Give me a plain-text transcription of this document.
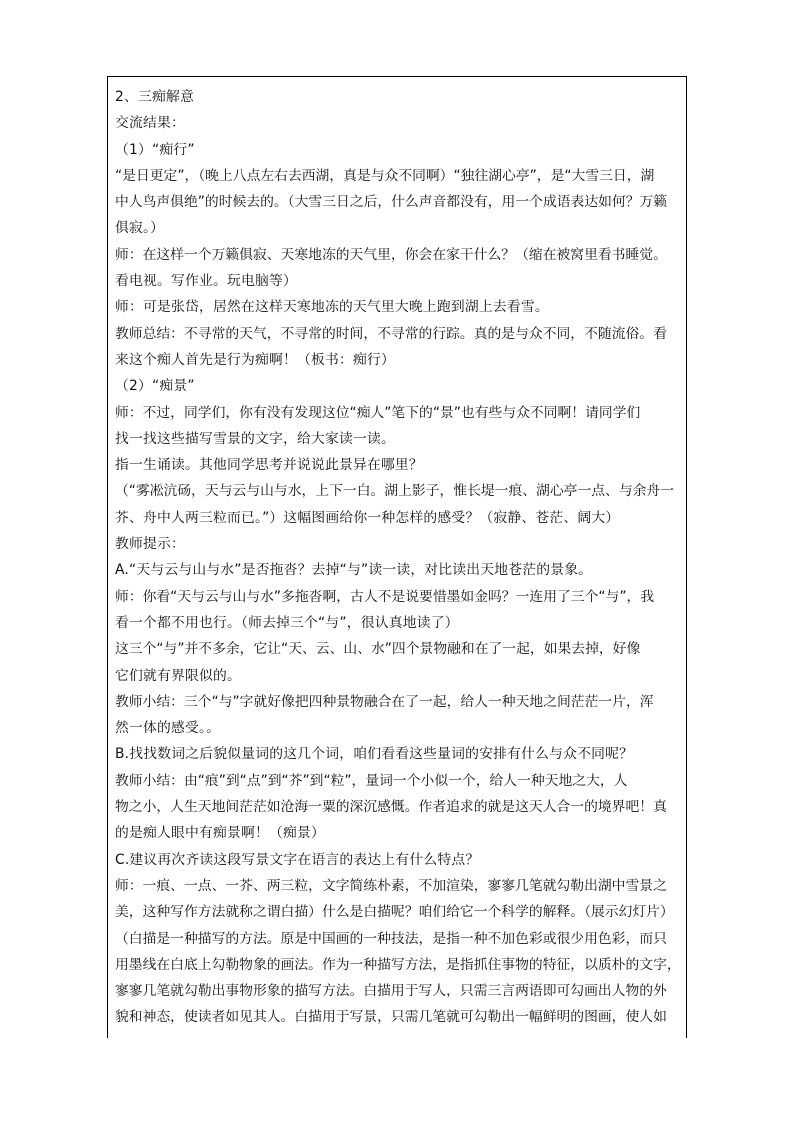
2、三痴解意
交流结果：
（1）“痴行”
“是日更定”，（晚上八点左右去西湖，真是与众不同啊）“独往湖心亭”，是“大雪三日，湖
中人鸟声俱绝”的时候去的。（大雪三日之后，什么声音都没有，用一个成语表达如何？万籁
俱寂。）
师：在这样一个万籁俱寂、天寒地冻的天气里，你会在家干什么？（缩在被窝里看书睡觉。
看电视。写作业。玩电脑等）
师：可是张岱，居然在这样天寒地冻的天气里大晚上跑到湖上去看雪。
教师总结：不寻常的天气，不寻常的时间，不寻常的行踪。真的是与众不同，不随流俗。看
来这个痴人首先是行为痴啊！（板书：痴行）
（2）“痴景”
师：不过，同学们，你有没有发现这位“痴人”笔下的“景”也有些与众不同啊！请同学们
找一找这些描写雪景的文字，给大家读一读。
指一生诵读。其他同学思考并说说此景异在哪里？
（“雾凇沆砀，天与云与山与水，上下一白。湖上影子，惟长堤一痕、湖心亭一点、与余舟一
芥、舟中人两三粒而已。”）这幅图画给你一种怎样的感受？（寂静、苍茫、阔大）
教师提示：
A.“天与云与山与水”是否拖沓？去掉“与”读一读，对比读出天地苍茫的景象。
师：你看“天与云与山与水”多拖沓啊，古人不是说要惜墨如金吗？一连用了三个“与”，我
看一个都不用也行。（师去掉三个“与”，很认真地读了）
这三个“与”并不多余，它让“天、云、山、水”四个景物融和在了一起，如果去掉，好像
它们就有界限似的。
教师小结：三个“与”字就好像把四种景物融合在了一起，给人一种天地之间茫茫一片，浑
然一体的感受。。
B.找找数词之后貌似量词的这几个词，咱们看看这些量词的安排有什么与众不同呢？
教师小结：由“痕”到“点”到“芥”到“粒”，量词一个小似一个，给人一种天地之大，人
物之小，人生天地间茫茫如沧海一粟的深沉感慨。作者追求的就是这天人合一的境界吧！真
的是痴人眼中有痴景啊！（痴景）
C.建议再次齐读这段写景文字在语言的表达上有什么特点？
师：一痕、一点、一芥、两三粒，文字简练朴素，不加渲染，寥寥几笔就勾勒出湖中雪景之
美，这种写作方法就称之谓白描）什么是白描呢？咱们给它一个科学的解释。（展示幻灯片）
（白描是一种描写的方法。原是中国画的一种技法，是指一种不加色彩或很少用色彩，而只
用墨线在白底上勾勒物象的画法。作为一种描写方法，是指抓住事物的特征，以质朴的文字，
寥寥几笔就勾勒出事物形象的描写方法。白描用于写人，只需三言两语即可勾画出人物的外
貌和神态，使读者如见其人。白描用于写景，只需几笔就可勾勒出一幅鲜明的图画，使人如
